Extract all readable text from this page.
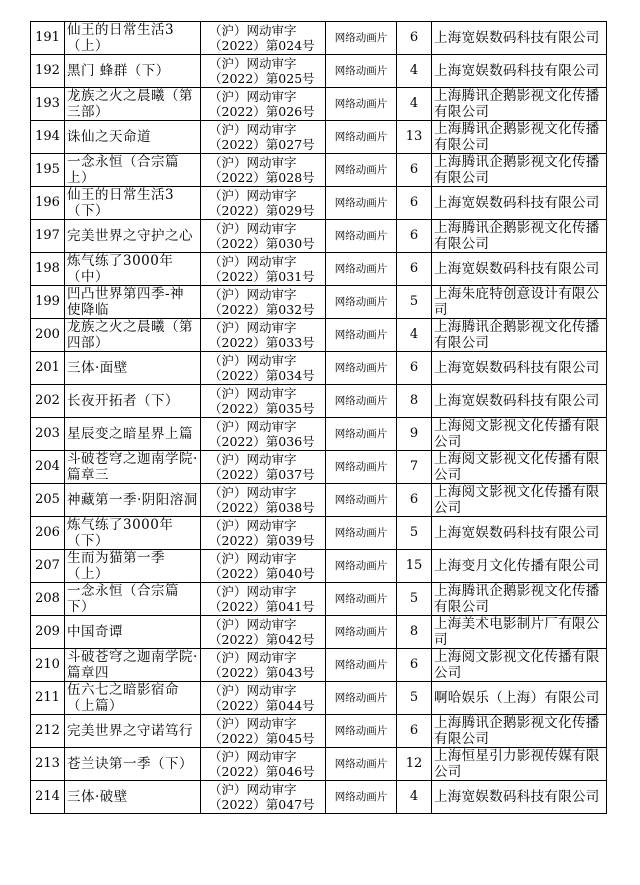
191	仙王的日常生活3（上）	（沪）网动审字
（2022）第024号	网络动画片	6	上海宽娱数码科技有限公司
192	黑门 蜂群（下）	（沪）网动审字
（2022）第025号	网络动画片	4	上海宽娱数码科技有限公司
193	龙族之火之晨曦（第三部）	（沪）网动审字
（2022）第026号	网络动画片	4	上海腾讯企鹅影视文化传播有限公司
194	诛仙之天命道	（沪）网动审字
（2022）第027号	网络动画片	13	上海腾讯企鹅影视文化传播有限公司
195	一念永恒（合宗篇上）	（沪）网动审字
（2022）第028号	网络动画片	6	上海腾讯企鹅影视文化传播有限公司
196	仙王的日常生活3（下）	（沪）网动审字
（2022）第029号	网络动画片	6	上海宽娱数码科技有限公司
197	完美世界之守护之心	（沪）网动审字
（2022）第030号	网络动画片	6	上海腾讯企鹅影视文化传播有限公司
198	炼气练了3000年（中）	（沪）网动审字
（2022）第031号	网络动画片	6	上海宽娱数码科技有限公司
199	凹凸世界第四季-神使降临	（沪）网动审字
（2022）第032号	网络动画片	5	上海朱庇特创意设计有限公司
200	龙族之火之晨曦（第四部）	（沪）网动审字
（2022）第033号	网络动画片	4	上海腾讯企鹅影视文化传播有限公司
201	三体·面壁	（沪）网动审字
（2022）第034号	网络动画片	6	上海宽娱数码科技有限公司
202	长夜开拓者（下）	（沪）网动审字
（2022）第035号	网络动画片	8	上海宽娱数码科技有限公司
203	星辰变之暗星界上篇	（沪）网动审字
（2022）第036号	网络动画片	9	上海阅文影视文化传播有限公司
204	斗破苍穹之迦南学院·篇章三	（沪）网动审字
（2022）第037号	网络动画片	7	上海阅文影视文化传播有限公司
205	神藏第一季·阴阳溶洞	（沪）网动审字
（2022）第038号	网络动画片	6	上海阅文影视文化传播有限公司
206	炼气练了3000年（下）	（沪）网动审字
（2022）第039号	网络动画片	5	上海宽娱数码科技有限公司
207	生而为猫第一季（上）	（沪）网动审字
（2022）第040号	网络动画片	15	上海变月文化传播有限公司
208	一念永恒（合宗篇下）	（沪）网动审字
（2022）第041号	网络动画片	5	上海腾讯企鹅影视文化传播有限公司
209	中国奇谭	（沪）网动审字
（2022）第042号	网络动画片	8	上海美术电影制片厂有限公司
210	斗破苍穹之迦南学院·篇章四	（沪）网动审字
（2022）第043号	网络动画片	6	上海阅文影视文化传播有限公司
211	伍六七之暗影宿命（上篇）	（沪）网动审字
（2022）第044号	网络动画片	5	啊哈娱乐（上海）有限公司
212	完美世界之守诺笃行	（沪）网动审字
（2022）第045号	网络动画片	6	上海腾讯企鹅影视文化传播有限公司
213	苍兰诀第一季（下）	（沪）网动审字
（2022）第046号	网络动画片	12	上海恒星引力影视传媒有限公司
214	三体·破壁	（沪）网动审字
（2022）第047号	网络动画片	4	上海宽娱数码科技有限公司
